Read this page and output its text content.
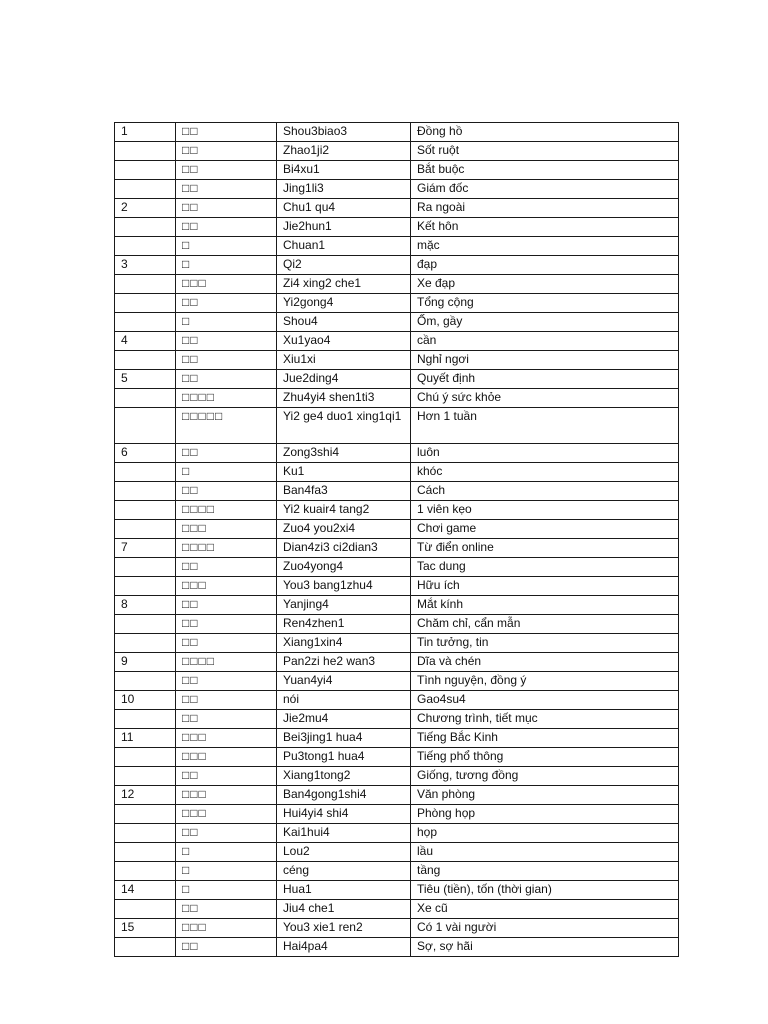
1	□□	Shou3biao3	Đồng hồ
	□□	Zhao1ji2	Sốt ruột
	□□	Bi4xu1	Bắt buộc
	□□	Jing1li3	Giám đốc
2	□□	Chu1 qu4	Ra ngoài
	□□	Jie2hun1	Kết hôn
	□	Chuan1	mặc
3	□	Qi2	đạp
	□□□	Zi4 xing2 che1	Xe đạp
	□□	Yi2gong4	Tổng cộng
	□	Shou4	Ốm, gầy
4	□□	Xu1yao4	cần
	□□	Xiu1xi	Nghỉ ngơi
5	□□	Jue2ding4	Quyết định
	□□□□	Zhu4yi4 shen1ti3	Chú ý sức khỏe
	□□□□□	Yi2 ge4 duo1 xing1qi1	Hơn 1 tuần
6	□□	Zong3shi4	luôn
	□	Ku1	khóc
	□□	Ban4fa3	Cách
	□□□□	Yi2 kuair4 tang2	1 viên kẹo
	□□□	Zuo4 you2xi4	Chơi game
7	□□□□	Dian4zi3 ci2dian3	Từ điển online
	□□	Zuo4yong4	Tac dung
	□□□	You3 bang1zhu4	Hữu ích
8	□□	Yanjing4	Mắt kính
	□□	Ren4zhen1	Chăm chỉ, cẩn mẫn
	□□	Xiang1xin4	Tin tưởng, tin
9	□□□□	Pan2zi he2 wan3	Dĩa và chén
	□□	Yuan4yi4	Tình nguyện, đồng ý
10	□□	nói	Gao4su4
	□□	Jie2mu4	Chương trình, tiết mục
11	□□□	Bei3jing1 hua4	Tiếng Bắc Kinh
	□□□	Pu3tong1 hua4	Tiếng phổ thông
	□□	Xiang1tong2	Giống, tương đồng
12	□□□	Ban4gong1shi4	Văn phòng
	□□□	Hui4yi4 shi4	Phòng họp
	□□	Kai1hui4	họp
	□	Lou2	lầu
	□	céng	tầng
14	□	Hua1	Tiêu (tiền), tốn (thời gian)
	□□	Jiu4 che1	Xe cũ
15	□□□	You3 xie1 ren2	Có 1 vài người
	□□	Hai4pa4	Sợ, sợ hãi
